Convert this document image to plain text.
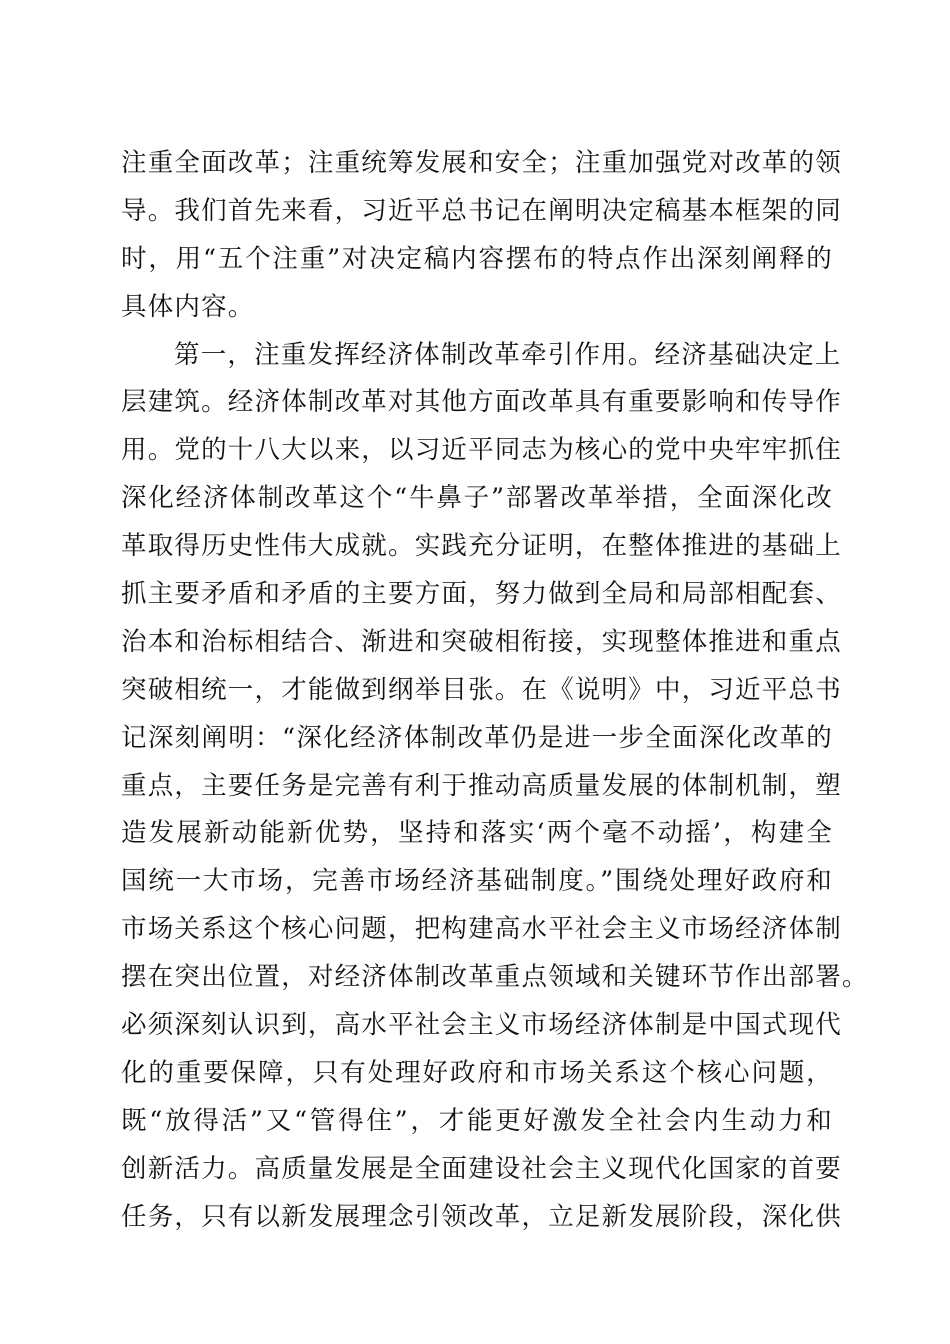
注重全面改革；注重统筹发展和安全；注重加强党对改革的领
导。我们首先来看，习近平总书记在阐明决定稿基本框架的同
时，用“五个注重”对决定稿内容摆布的特点作出深刻阐释的
具体内容。
第一，注重发挥经济体制改革牵引作用。经济基础决定上
层建筑。经济体制改革对其他方面改革具有重要影响和传导作
用。党的十八大以来，以习近平同志为核心的党中央牢牢抓住
深化经济体制改革这个“牛鼻子”部署改革举措，全面深化改
革取得历史性伟大成就。实践充分证明，在整体推进的基础上
抓主要矛盾和矛盾的主要方面，努力做到全局和局部相配套、
治本和治标相结合、渐进和突破相衔接，实现整体推进和重点
突破相统一，才能做到纲举目张。在《说明》中，习近平总书
记深刻阐明：“深化经济体制改革仍是进一步全面深化改革的
重点，主要任务是完善有利于推动高质量发展的体制机制，塑
造发展新动能新优势，坚持和落实‘两个毫不动摇’，构建全
国统一大市场，完善市场经济基础制度。”围绕处理好政府和
市场关系这个核心问题，把构建高水平社会主义市场经济体制
摆在突出位置，对经济体制改革重点领域和关键环节作出部署。
必须深刻认识到，高水平社会主义市场经济体制是中国式现代
化的重要保障，只有处理好政府和市场关系这个核心问题，
既“放得活”又“管得住”，才能更好激发全社会内生动力和
创新活力。高质量发展是全面建设社会主义现代化国家的首要
任务，只有以新发展理念引领改革，立足新发展阶段，深化供
